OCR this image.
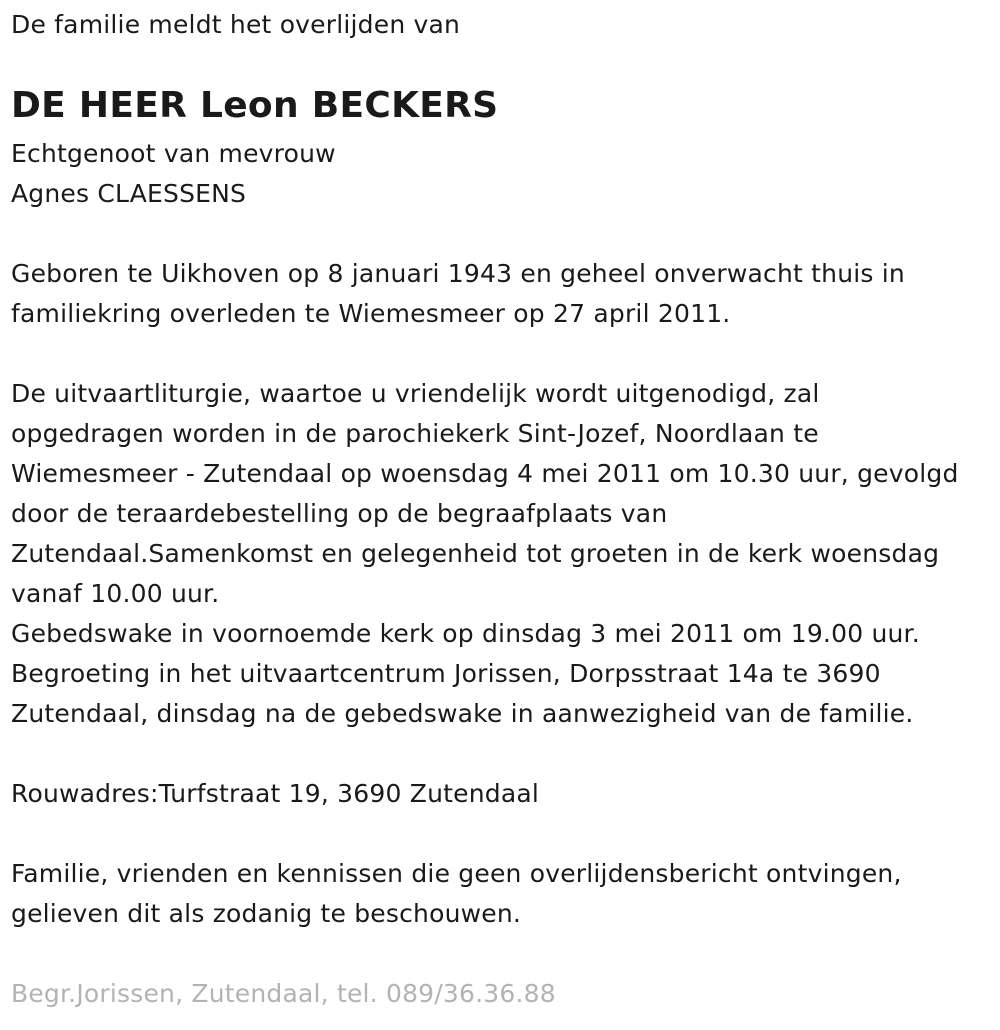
De familie meldt het overlijden van

DE HEER Leon BECKERS

Echtgenoot van mevrouw

Agnes CLAESSENS

Geboren te Uikhoven op 8 januari 1943 en geheel onverwacht thuis in

familiekring overleden te Wiemesmeer op 27 april 2011.

De uitvaartliturgie, waartoe u vriendelijk wordt uitgenodigd, zal

opgedragen worden in de parochiekerk Sint-Jozef, Noordlaan te

Wiemesmeer - Zutendaal op woensdag 4 mei 2011 om 10.30 uur, gevolgd

door de teraardebestelling op de begraafplaats van

Zutendaal.Samenkomst en gelegenheid tot groeten in de kerk woensdag

vanaf 10.00 uur.

Gebedswake in voornoemde kerk op dinsdag 3 mei 2011 om 19.00 uur.

Begroeting in het uitvaartcentrum Jorissen, Dorpsstraat 14a te 3690

Zutendaal, dinsdag na de gebedswake in aanwezigheid van de familie.

Rouwadres:Turfstraat 19, 3690 Zutendaal

Familie, vrienden en kennissen die geen overlijdensbericht ontvingen,

gelieven dit als zodanig te beschouwen.

Begr.Jorissen, Zutendaal, tel. 089/36.36.88
